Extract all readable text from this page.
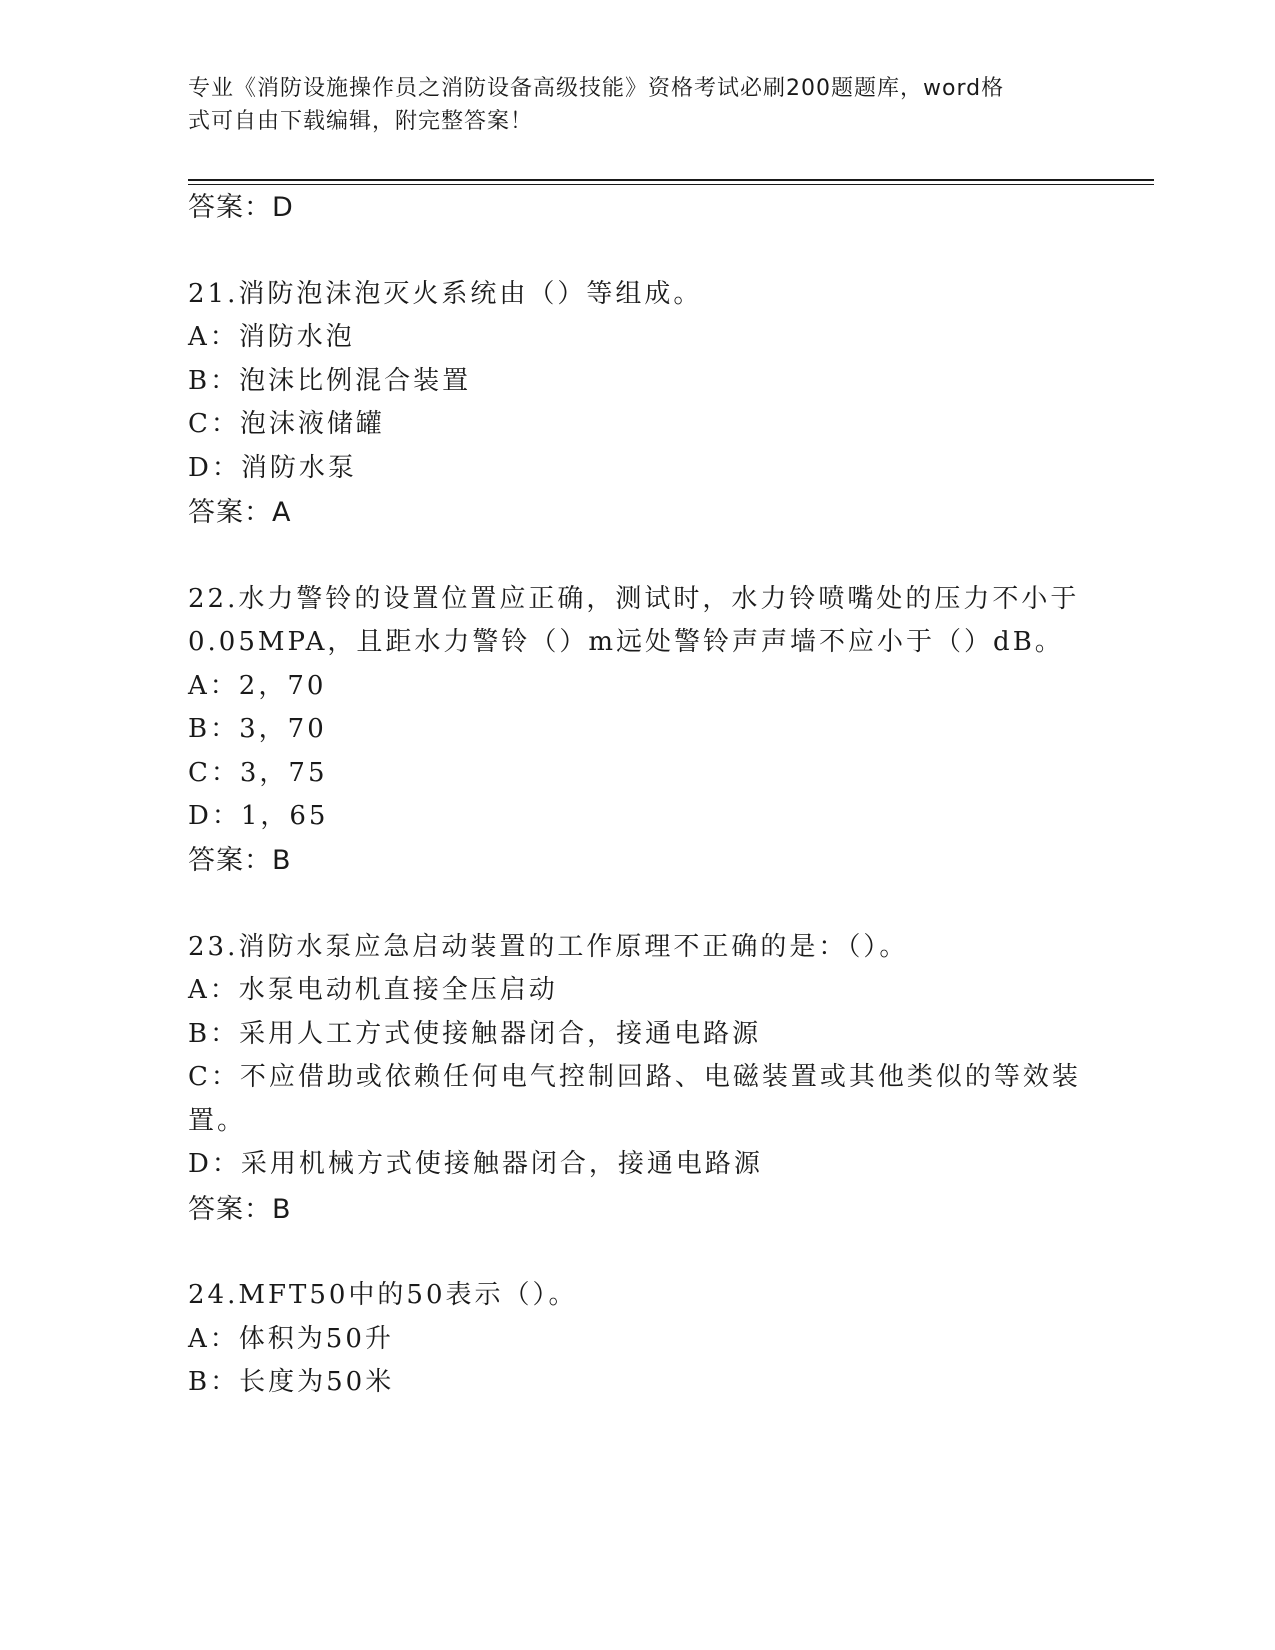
专业《消防设施操作员之消防设备高级技能》资格考试必刷200题题库，word格
式可自由下载编辑，附完整答案！
答案：D
21.消防泡沫泡灭火系统由（）等组成。
A：消防水泡
B：泡沫比例混合装置
C：泡沫液储罐
D：消防水泵
答案：A
22.水力警铃的设置位置应正确，测试时，水力铃喷嘴处的压力不小于
0.05MPA，且距水力警铃（）m远处警铃声声墙不应小于（）dB。
A：2，70
B：3，70
C：3，75
D：1，65
答案：B
23.消防水泵应急启动装置的工作原理不正确的是：（）。
A：水泵电动机直接全压启动
B：采用人工方式使接触器闭合，接通电路源
C：不应借助或依赖任何电气控制回路、电磁装置或其他类似的等效装
置。
D：采用机械方式使接触器闭合，接通电路源
答案：B
24.MFT50中的50表示（）。
A：体积为50升
B：长度为50米
